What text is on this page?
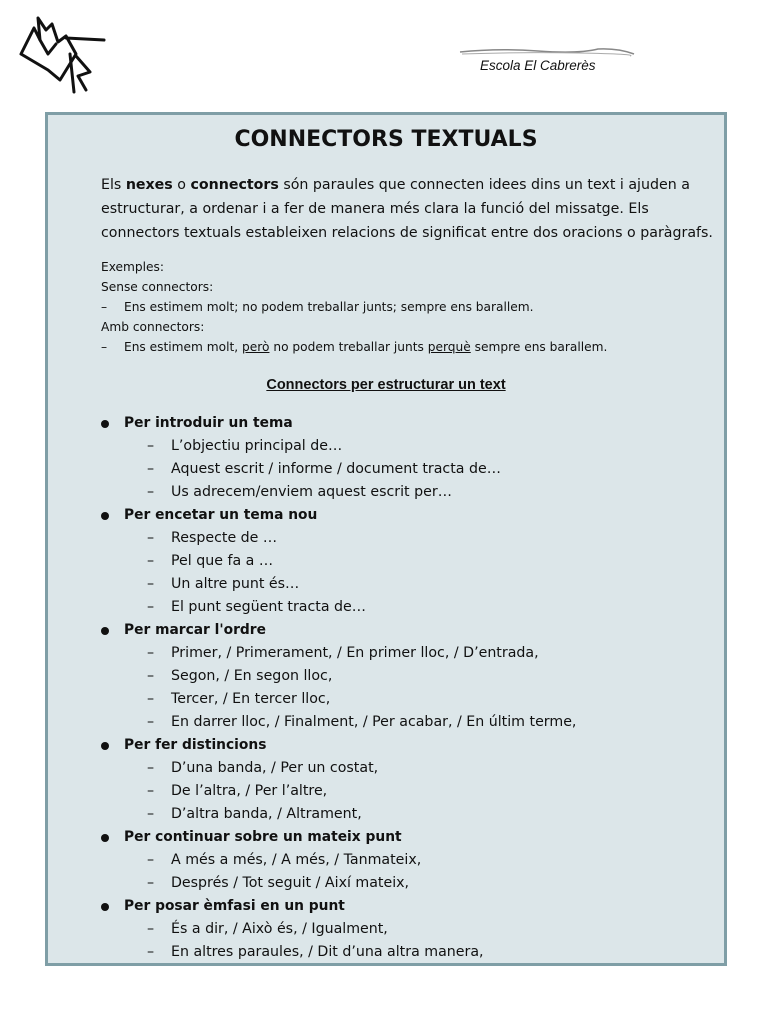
Escola El Cabrerès
CONNECTORS TEXTUALS
Els nexes o connectors són paraules que connecten idees dins un text i ajuden a estructurar, a ordenar i a fer de manera més clara la funció del missatge. Els connectors textuals estableixen relacions de significat entre dos oracions o paràgrafs.
Exemples:
Sense connectors:
– Ens estimem molt; no podem treballar junts; sempre ens barallem.
Amb connectors:
– Ens estimem molt, però no podem treballar junts perquè sempre ens barallem.
Connectors per estructurar un text
Per introduir un tema
– L’objectiu principal de…
– Aquest escrit / informe / document tracta de…
– Us adrecem/enviem aquest escrit per…
Per encetar un tema nou
– Respecte de …
– Pel que fa a …
– Un altre punt és…
– El punt següent tracta de…
Per marcar l'ordre
– Primer, / Primerament, / En primer lloc, / D’entrada,
– Segon, / En segon lloc,
– Tercer, / En tercer lloc,
– En darrer lloc, / Finalment, / Per acabar, / En últim terme,
Per fer distincions
– D’una banda, / Per un costat,
– De l’altra, / Per l’altre,
– D’altra banda, / Altrament,
Per continuar sobre un mateix punt
– A més a més, / A més, / Tanmateix,
– Després / Tot seguit / Així mateix,
Per posar èmfasi en un punt
– És a dir, / Això és, / Igualment,
– En altres paraules, / Dit d’una altra manera,
